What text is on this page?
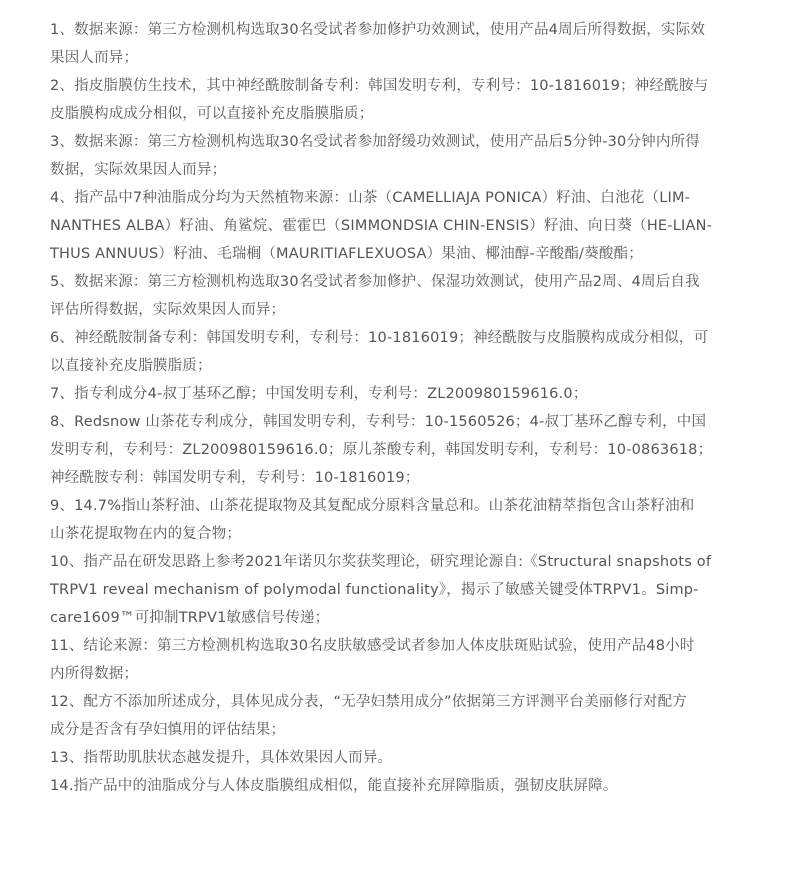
1、数据来源：第三方检测机构选取30名受试者参加修护功效测试，使用产品4周后所得数据，实际效
果因人而异；

2、指皮脂膜仿生技术，其中神经酰胺制备专利：韩国发明专利，专利号：10-1816019；神经酰胺与
皮脂膜构成成分相似，可以直接补充皮脂膜脂质；

3、数据来源：第三方检测机构选取30名受试者参加舒缓功效测试，使用产品后5分钟-30分钟内所得
数据，实际效果因人而异；

4、指产品中7种油脂成分均为天然植物来源：山茶（CAMELLIAJA PONICA）籽油、白池花（LIM-
NANTHES ALBA）籽油、角鲨烷、霍霍巴（SIMMONDSIA CHIN-ENSIS）籽油、向日葵（HE-LIAN-
THUS ANNUUS）籽油、毛瑞榈（MAURITIAFLEXUOSA）果油、椰油醇-辛酸酯/葵酸酯；

5、数据来源：第三方检测机构选取30名受试者参加修护、保湿功效测试，使用产品2周、4周后自我
评估所得数据，实际效果因人而异；

6、神经酰胺制备专利：韩国发明专利，专利号：10-1816019；神经酰胺与皮脂膜构成成分相似，可
以直接补充皮脂膜脂质；

7、指专利成分4-叔丁基环乙醇；中国发明专利，专利号：ZL200980159616.0；

8、Redsnow 山茶花专利成分，韩国发明专利，专利号：10-1560526；4-叔丁基环乙醇专利，中国
发明专利，专利号：ZL200980159616.0；原儿茶酸专利，韩国发明专利，专利号：10-0863618；
神经酰胺专利：韩国发明专利，专利号：10-1816019；

9、14.7%指山茶籽油、山茶花提取物及其复配成分原料含量总和。山茶花油精萃指包含山茶籽油和
山茶花提取物在内的复合物；

10、指产品在研发思路上参考2021年诺贝尔奖获奖理论，研究理论源自:《Structural snapshots of
TRPV1 reveal mechanism of polymodal functionality》，揭示了敏感关键受体TRPV1。Simp-
care1609™可抑制TRPV1敏感信号传递；

11、结论来源：第三方检测机构选取30名皮肤敏感受试者参加人体皮肤斑贴试验，使用产品48小时
内所得数据；

12、配方不添加所述成分，具体见成分表，“无孕妇禁用成分”依据第三方评测平台美丽修行对配方
成分是否含有孕妇慎用的评估结果；

13、指帮助肌肤状态越发提升，具体效果因人而异。

14.指产品中的油脂成分与人体皮脂膜组成相似，能直接补充屏障脂质，强韧皮肤屏障。
